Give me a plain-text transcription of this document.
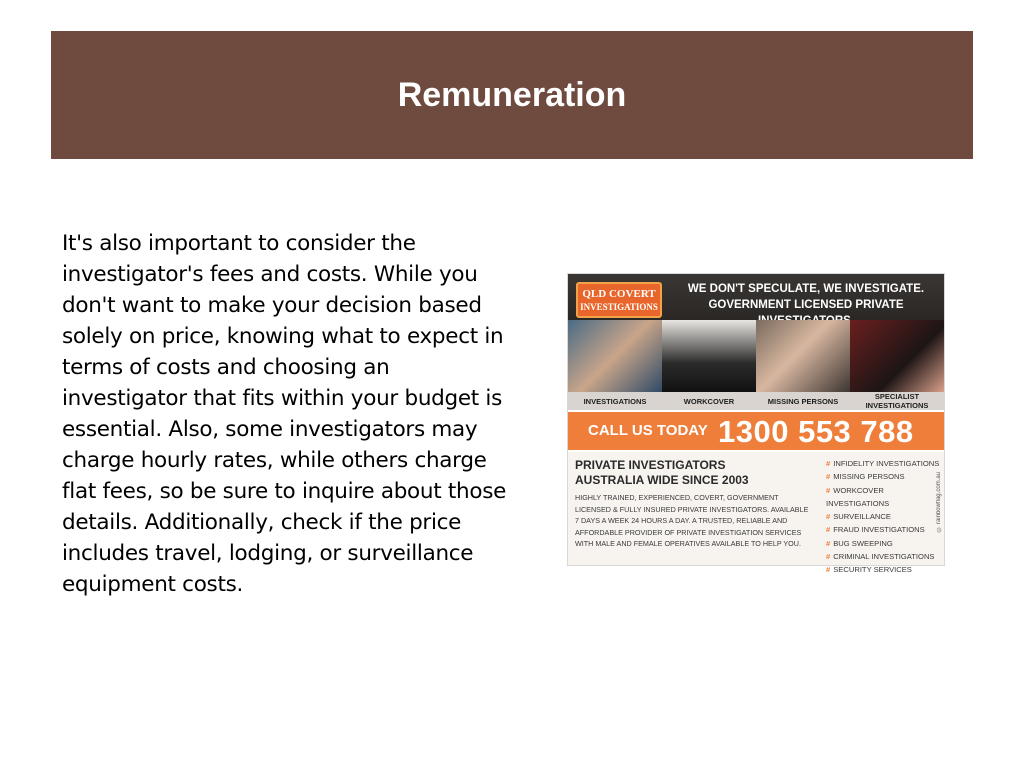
Remuneration
It's also important to consider the investigator's fees and costs. While you don't want to make your decision based solely on price, knowing what to expect in terms of costs and choosing an investigator that fits within your budget is essential. Also, some investigators may charge hourly rates, while others charge flat fees, so be sure to inquire about those details. Additionally, check if the price includes travel, lodging, or surveillance equipment costs.
QLD COVERT
INVESTIGATIONS
WE DON'T SPECULATE, WE INVESTIGATE.
GOVERNMENT LICENSED PRIVATE
INVESTIGATIONS	WORKCOVER	MISSING PERSONS	SPECIALIST INVESTIGATIONS
CALL US TODAY 1300 553 788
PRIVATE INVESTIGATORS
AUSTRALIA WIDE SINCE 2003
HIGHLY TRAINED, EXPERIENCED, COVERT, GOVERNMENT LICENSED & FULLY INSURED PRIVATE INVESTIGATORS. AVAILABLE 7 DAYS A WEEK 24 HOURS A DAY. A TRUSTED, RELIABLE AND AFFORDABLE PROVIDER OF PRIVATE INVESTIGATION SERVICES WITH MALE AND FEMALE OPERATIVES AVAILABLE TO HELP YOU.
# INFIDELITY INVESTIGATIONS
# MISSING PERSONS
# WORKCOVER INVESTIGATIONS
# SURVEILLANCE
# FRAUD INVESTIGATIONS
# BUG SWEEPING
# CRIMINAL INVESTIGATIONS
# SECURITY SERVICES
© rainbowflag.com.au
